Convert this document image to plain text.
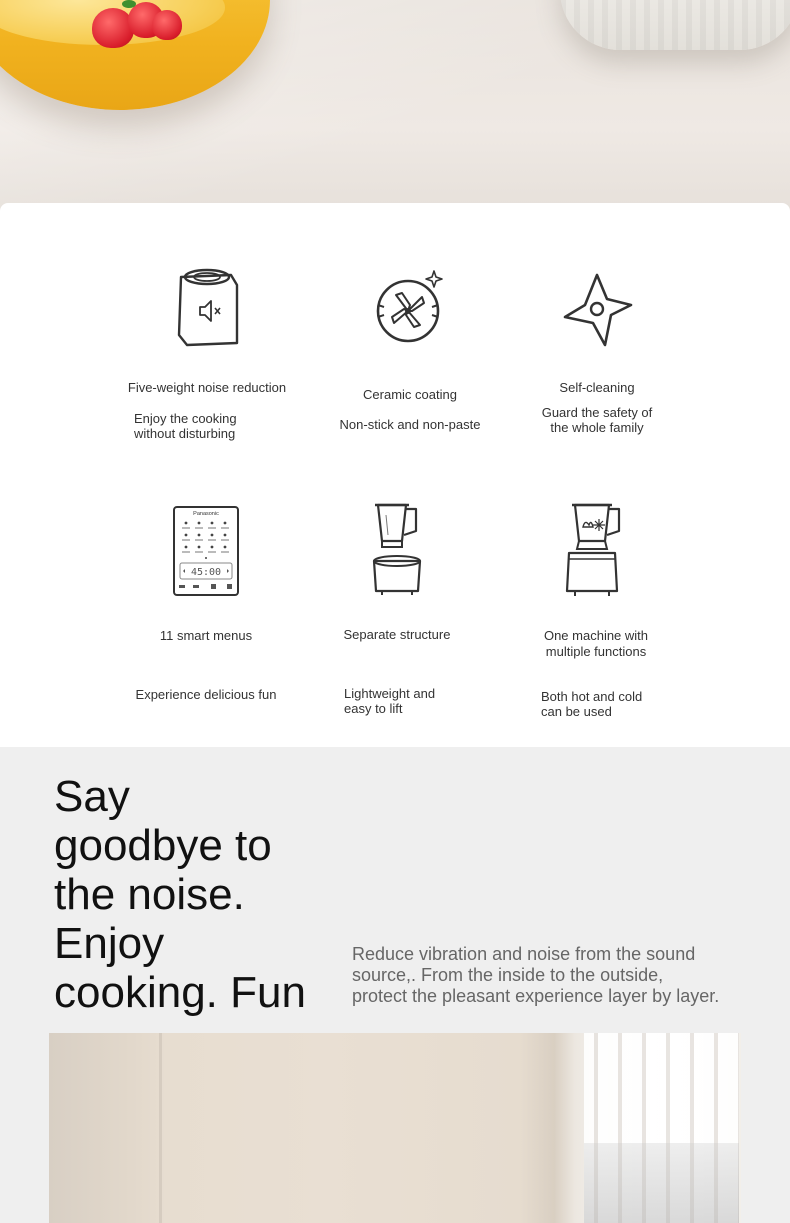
Five-weight noise reduction
Enjoy the cooking
without disturbing
Ceramic coating
Non-stick and non-paste
Self-cleaning
Guard the safety of
the whole family
Panasonic
45:00
11 smart menus
Experience delicious fun
Separate structure
Lightweight and
easy to lift
One machine with
multiple functions
Both hot and cold
can be used
Say
goodbye to
the noise.
Enjoy
cooking. Fun
Reduce vibration and noise from the sound
source,. From the inside to the outside,
protect the pleasant experience layer by layer.
